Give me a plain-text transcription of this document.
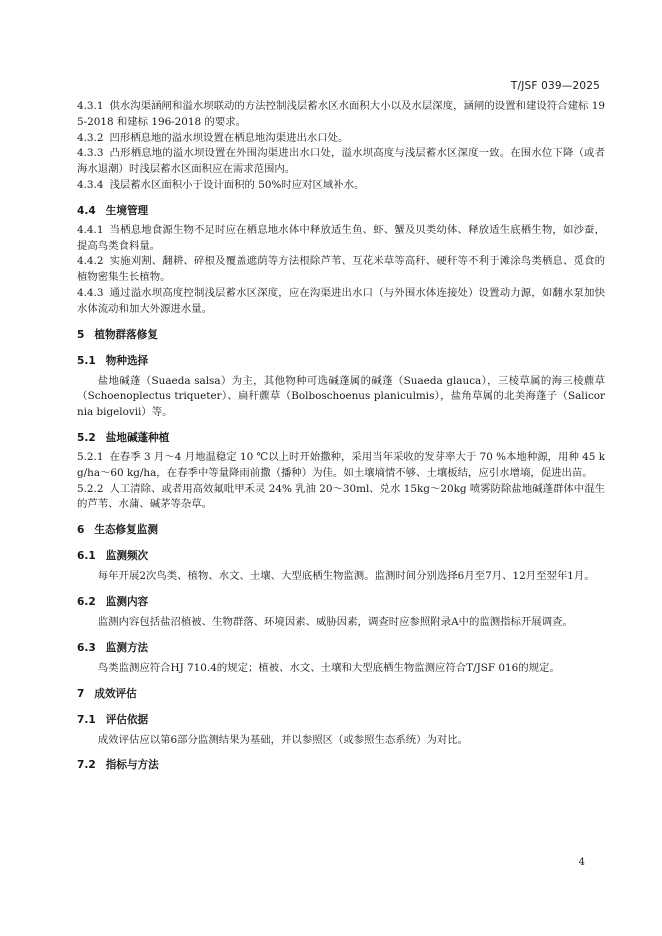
T/JSF 039—2025
4.3.1 供水沟渠涵闸和溢水坝联动的方法控制浅层蓄水区水面积大小以及水层深度，涵闸的设置和建设符合建标 195-2018 和建标 196-2018 的要求。
4.3.2 凹形栖息地的溢水坝设置在栖息地沟渠进出水口处。
4.3.3 凸形栖息地的溢水坝设置在外围沟渠进出水口处，溢水坝高度与浅层蓄水区深度一致。在围水位下降（或者海水退潮）时浅层蓄水区面积应在需求范围内。
4.3.4 浅层蓄水区面积小于设计面积的 50%时应对区域补水。
4.4 生境管理
4.4.1 当栖息地食源生物不足时应在栖息地水体中释放适生鱼、虾、蟹及贝类幼体、释放适生底栖生物，如沙蚕，提高鸟类食料量。
4.4.2 实施刈割、翻耕、碎根及覆盖遮荫等方法根除芦苇、互花米草等高秆、硬秆等不利于滩涂鸟类栖息、觅食的植物密集生长植物。
4.4.3 通过溢水坝高度控制浅层蓄水区深度，应在沟渠进出水口（与外围水体连接处）设置动力源，如翻水泵加快水体流动和加大外源进水量。
5 植物群落修复
5.1 物种选择
盐地碱蓬（Suaeda salsa）为主，其他物种可选碱蓬属的碱蓬（Suaeda glauca），三棱草属的海三棱藨草（Schoenoplectus triqueter）、扁秆藨草（Bolboschoenus planiculmis），盐角草属的北美海蓬子（Salicornia bigelovii）等。
5.2 盐地碱蓬种植
5.2.1 在春季 3 月～4 月地温稳定 10 ℃以上时开始撒种，采用当年采收的发芽率大于 70 %本地种源，用种 45 kg/ha～60 kg/ha，在春季中等量降雨前撒（播种）为佳。如土壤墒情不够、土壤板结，应引水增墒，促进出苗。
5.2.2 人工清除、或者用高效氟吡甲禾灵 24% 乳油 20～30ml、兑水 15kg～20kg 喷雾防除盐地碱蓬群体中混生的芦苇、水蒲、碱茅等杂草。
6 生态修复监测
6.1 监测频次
每年开展2次鸟类、植物、水文、土壤、大型底栖生物监测。监测时间分别选择6月至7月、12月至翌年1月。
6.2 监测内容
监测内容包括盐沼植被、生物群落、环境因素、威胁因素，调查时应参照附录A中的监测指标开展调查。
6.3 监测方法
鸟类监测应符合HJ 710.4的规定；植被、水文、土壤和大型底栖生物监测应符合T/JSF 016的规定。
7 成效评估
7.1 评估依据
成效评估应以第6部分监测结果为基础，并以参照区（或参照生态系统）为对比。
7.2 指标与方法
4
